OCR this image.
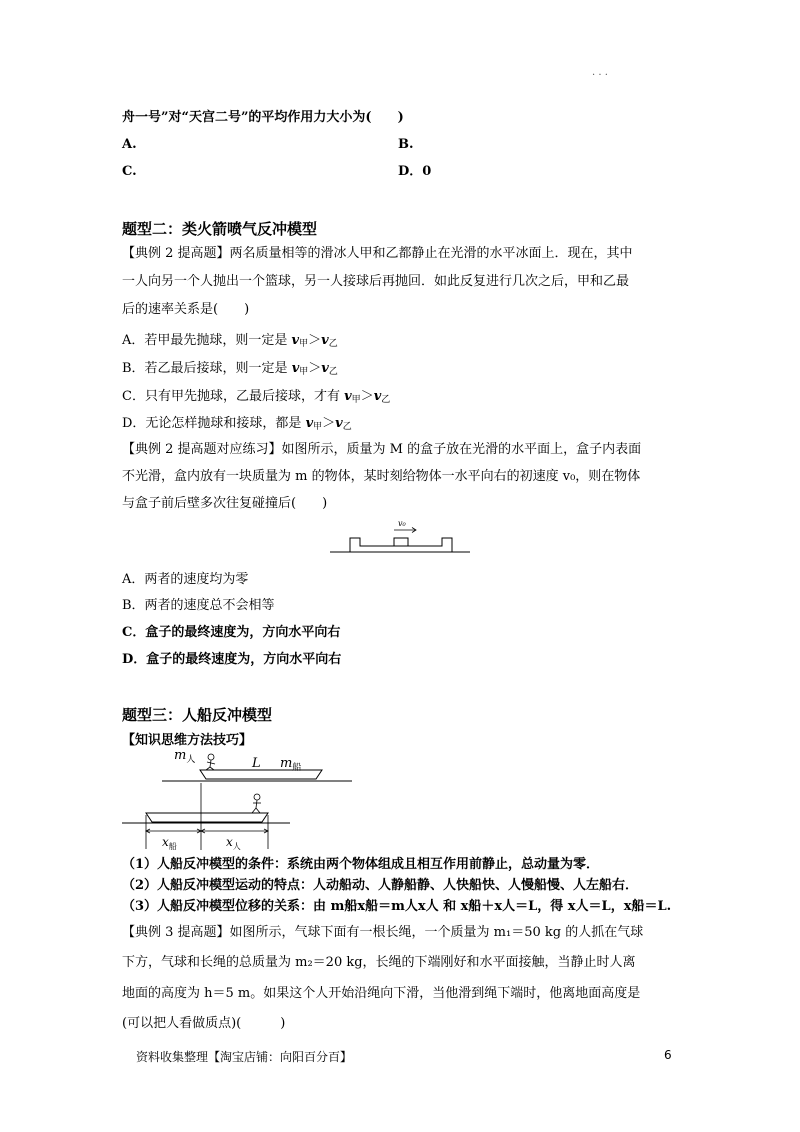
. . .
舟一号”对“天宫二号”的平均作用力大小为(　　)
A.	B.
C.	D．0
题型二：类火箭喷气反冲模型
【典例 2 提高题】两名质量相等的滑冰人甲和乙都静止在光滑的水平冰面上．现在，其中
一人向另一个人抛出一个篮球，另一人接球后再抛回．如此反复进行几次之后，甲和乙最
后的速率关系是(　　)
A．若甲最先抛球，则一定是 $v_甲>v_乙$
B．若乙最后接球，则一定是 $v_甲>v_乙$
C．只有甲先抛球，乙最后接球，才有 $v_甲>v_乙$
D．无论怎样抛球和接球，都是 $v_甲>v_乙$
【典例 2 提高题对应练习】如图所示，质量为 M 的盒子放在光滑的水平面上，盒子内表面
不光滑，盒内放有一块质量为 m 的物体，某时刻给物体一水平向右的初速度 v₀，则在物体
与盒子前后壁多次往复碰撞后(　　)
v₀
A．两者的速度均为零
B．两者的速度总不会相等
C．盒子的最终速度为，方向水平向右
D．盒子的最终速度为，方向水平向右
题型三：人船反冲模型
【知识思维方法技巧】
$m_人$	L $m_船$
$x_船$	$x_人$
（1）人船反冲模型的条件：系统由两个物体组成且相互作用前静止，总动量为零．
（2）人船反冲模型运动的特点：人动船动、人静船静、人快船快、人慢船慢、人左船右．
（3）人船反冲模型位移的关系：由 m船x船＝m人x人 和 x船＋x人＝L，得 x人＝L，x船＝L.
【典例 3 提高题】如图所示，气球下面有一根长绳，一个质量为 m₁＝50 kg 的人抓在气球
下方，气球和长绳的总质量为 m₂＝20 kg，长绳的下端刚好和水平面接触，当静止时人离
地面的高度为 h＝5 m。如果这个人开始沿绳向下滑，当他滑到绳下端时，他离地面高度是
(可以把人看做质点)(　　　)
资料收集整理【淘宝店铺：向阳百分百】	6
